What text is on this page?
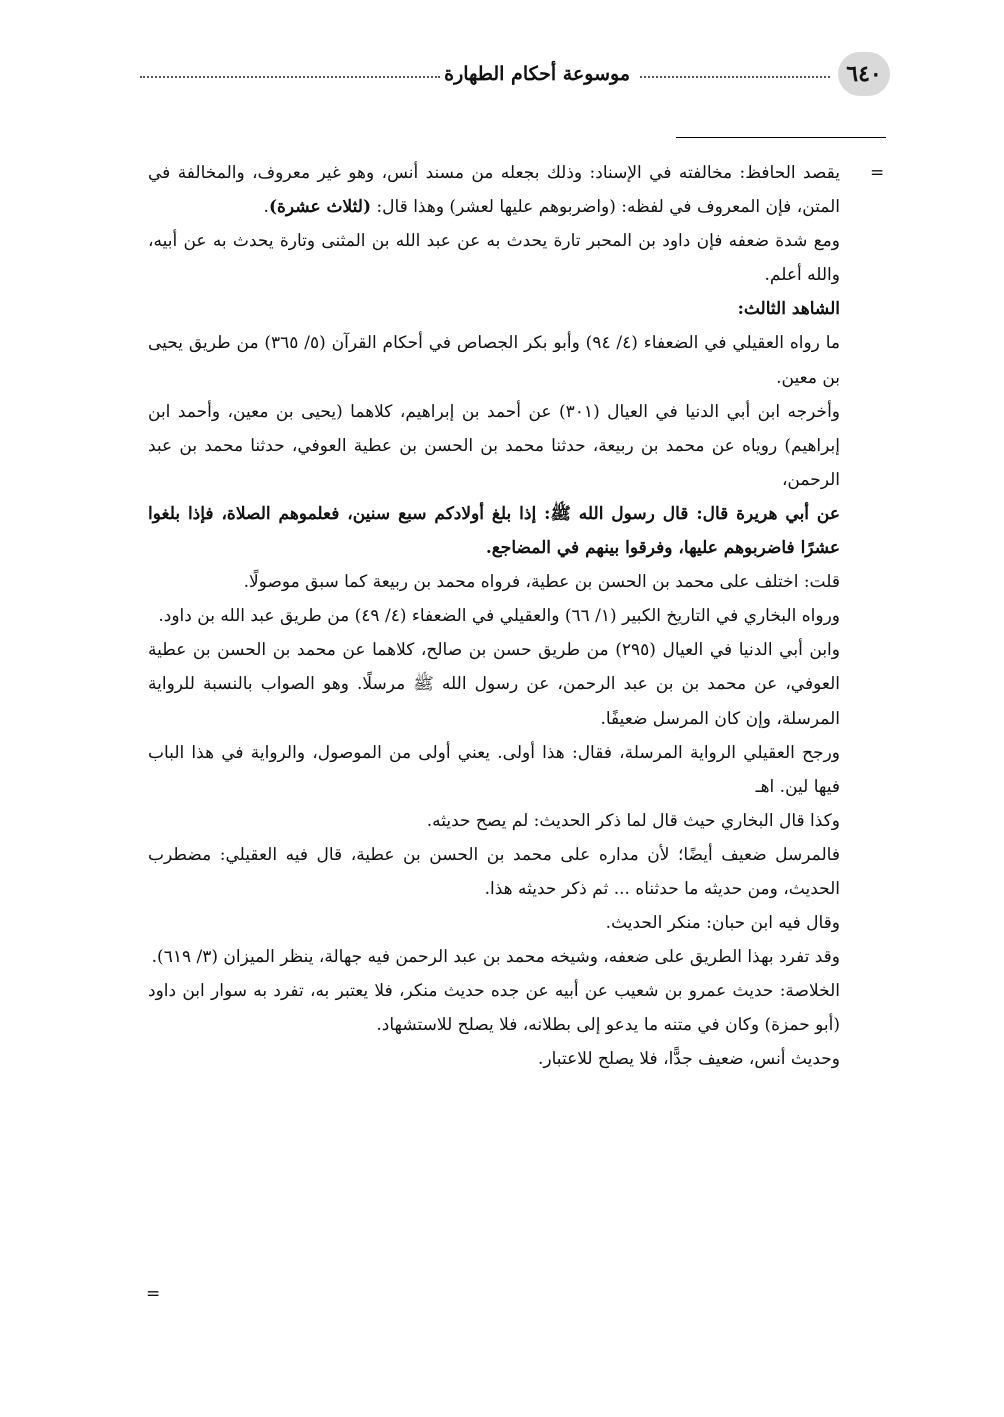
٦٤٠
موسوعة أحكام الطهارة
=

يقصد الحافظ: مخالفته في الإسناد: وذلك بجعله من مسند أنس، وهو غير معروف، والمخالفة في المتن، فإن المعروف في لفظه: (واضربوهم عليها لعشر) وهذا قال: (لثلاث عشرة).

ومع شدة ضعفه فإن داود بن المحبر تارة يحدث به عن عبد الله بن المثنى وتارة يحدث به عن أبيه، والله أعلم.

الشاهد الثالث:

ما رواه العقيلي في الضعفاء (٤/ ٩٤) وأبو بكر الجصاص في أحكام القرآن (٥/ ٣٦٥) من طريق يحيى بن معين.

وأخرجه ابن أبي الدنيا في العيال (٣٠١) عن أحمد بن إبراهيم، كلاهما (يحيى بن معين، وأحمد ابن إبراهيم) روياه عن محمد بن ربيعة، حدثنا محمد بن الحسن بن عطية العوفي، حدثنا محمد بن عبد الرحمن،

عن أبي هريرة قال: قال رسول الله ﷺ: إذا بلغ أولادكم سبع سنين، فعلموهم الصلاة، فإذا بلغوا عشرًا فاضربوهم عليها، وفرقوا بينهم في المضاجع.

قلت: اختلف على محمد بن الحسن بن عطية، فرواه محمد بن ربيعة كما سبق موصولًا.

ورواه البخاري في التاريخ الكبير (١/ ٦٦) والعقيلي في الضعفاء (٤/ ٤٩) من طريق عبد الله بن داود.

وابن أبي الدنيا في العيال (٢٩٥) من طريق حسن بن صالح، كلاهما عن محمد بن الحسن بن عطية العوفي، عن محمد بن بن عبد الرحمن، عن رسول الله ﷺ مرسلًا. وهو الصواب بالنسبة للرواية المرسلة، وإن كان المرسل ضعيفًا.

ورجح العقيلي الرواية المرسلة، فقال: هذا أولى. يعني أولى من الموصول، والرواية في هذا الباب فيها لين. اهـ

وكذا قال البخاري حيث قال لما ذكر الحديث: لم يصح حديثه.

فالمرسل ضعيف أيضًا؛ لأن مداره على محمد بن الحسن بن عطية، قال فيه العقيلي: مضطرب الحديث، ومن حديثه ما حدثناه ... ثم ذكر حديثه هذا.

وقال فيه ابن حبان: منكر الحديث.

وقد تفرد بهذا الطريق على ضعفه، وشيخه محمد بن عبد الرحمن فيه جهالة، ينظر الميزان (٣/ ٦١٩).

الخلاصة: حديث عمرو بن شعيب عن أبيه عن جده حديث منكر، فلا يعتبر به، تفرد به سوار ابن داود (أبو حمزة) وكان في متنه ما يدعو إلى بطلانه، فلا يصلح للاستشهاد.

وحديث أنس، ضعيف جدًّا، فلا يصلح للاعتبار.

=
